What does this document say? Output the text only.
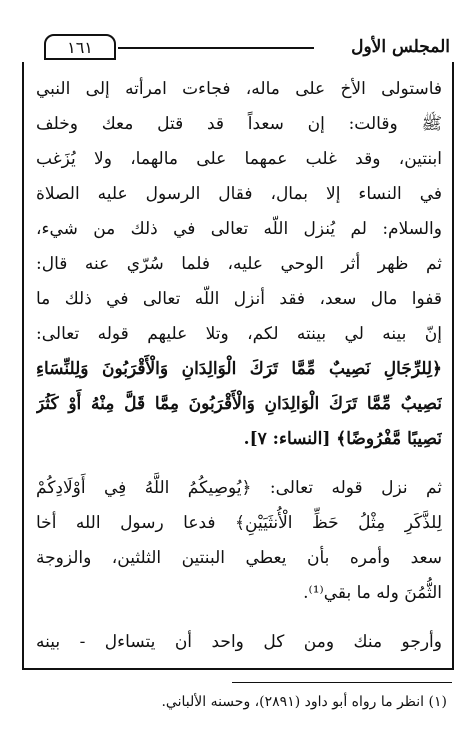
١٦١	المجلس الأول
فاستولى الأخ على ماله، فجاءت امرأته إلى النبي
ﷺ وقالت: إن سعداً قد قتل معك وخلف
ابنتين، وقد غلب عمهما على مالهما، ولا يُزَغب
في النساء إلا بمال، فقال الرسول عليه الصلاة
والسلام: لم يُنزل اللّه تعالى في ذلك من شيء،
ثم ظهر أثر الوحي عليه، فلما سُرّي عنه قال:
قفوا مال سعد، فقد أنزل اللّه تعالى في ذلك ما
إنّ بينه لي بينته لكم، وتلا عليهم قوله تعالى:
﴿لِلرِّجَالِ نَصِيبٌ مِّمَّا تَرَكَ الْوَالِدَانِ وَالْأَقْرَبُونَ وَلِلنِّسَاءِ
نَصِيبٌ مِّمَّا تَرَكَ الْوَالِدَانِ وَالْأَقْرَبُونَ مِمَّا قَلَّ مِنْهُ أَوْ كَثُرَ
نَصِيبًا مَّفْرُوضًا﴾ [النساء: ٧].
ثم نزل قوله تعالى: ﴿يُوصِيكُمُ اللَّهُ فِي أَوْلَادِكُمْ
لِلذَّكَرِ مِثْلُ حَظِّ الْأُنثَيَيْنِ﴾ فدعا رسول الله أخا
سعد وأمره بأن يعطي البنتين الثلثين، والزوجة
الثُّمُنَ وله ما بقي⁽¹⁾.
وأرجو منك ومن كل واحد أن يتساءل - بينه
(١) انظر ما رواه أبو داود (٢٨٩١)، وحسنه الألباني.
